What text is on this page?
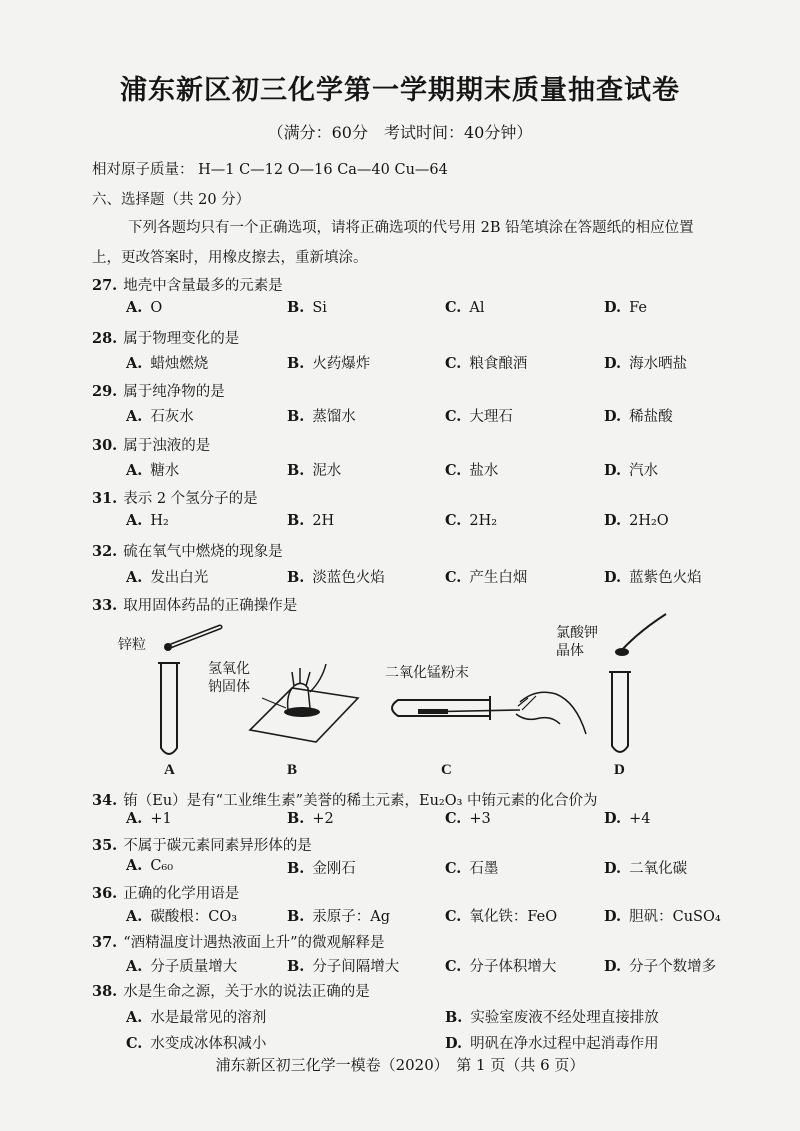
浦东新区初三化学第一学期期末质量抽查试卷
（满分：60分　考试时间：40分钟）
相对原子质量： H—1 C—12 O—16 Ca—40 Cu—64
六、选择题（共 20 分）
下列各题均只有一个正确选项，请将正确选项的代号用 2B 铅笔填涂在答题纸的相应位置
上，更改答案时，用橡皮擦去，重新填涂。
27. 地壳中含量最多的元素是
A. O	B. Si	C. Al	D. Fe
28. 属于物理变化的是
A. 蜡烛燃烧	B. 火药爆炸	C. 粮食酿酒	D. 海水晒盐
29. 属于纯净物的是
A. 石灰水	B. 蒸馏水	C. 大理石	D. 稀盐酸
30. 属于浊液的是
A. 糖水	B. 泥水	C. 盐水	D. 汽水
31. 表示 2 个氢分子的是
A. H₂	B. 2H	C. 2H₂	D. 2H₂O
32. 硫在氧气中燃烧的现象是
A. 发出白光	B. 淡蓝色火焰	C. 产生白烟	D. 蓝紫色火焰
33. 取用固体药品的正确操作是
锌粒
A
氢氧化
钠固体
B
二氧化锰粉末
C
氯酸钾
晶体
D
34. 铕（Eu）是有“工业维生素”美誉的稀土元素，Eu₂O₃ 中铕元素的化合价为
A. +1	B. +2	C. +3	D. +4
35. 不属于碳元素同素异形体的是
A. C₆₀	B. 金刚石	C. 石墨	D. 二氧化碳
36. 正确的化学用语是
A. 碳酸根：CO₃	B. 汞原子：Ag	C. 氧化铁：FeO	D. 胆矾：CuSO₄
37. “酒精温度计遇热液面上升”的微观解释是
A. 分子质量增大	B. 分子间隔增大	C. 分子体积增大	D. 分子个数增多
38. 水是生命之源，关于水的说法正确的是
A. 水是最常见的溶剂	B. 实验室废液不经处理直接排放
C. 水变成冰体积减小	D. 明矾在净水过程中起消毒作用
浦东新区初三化学一模卷（2020）　第 1 页（共 6 页）
